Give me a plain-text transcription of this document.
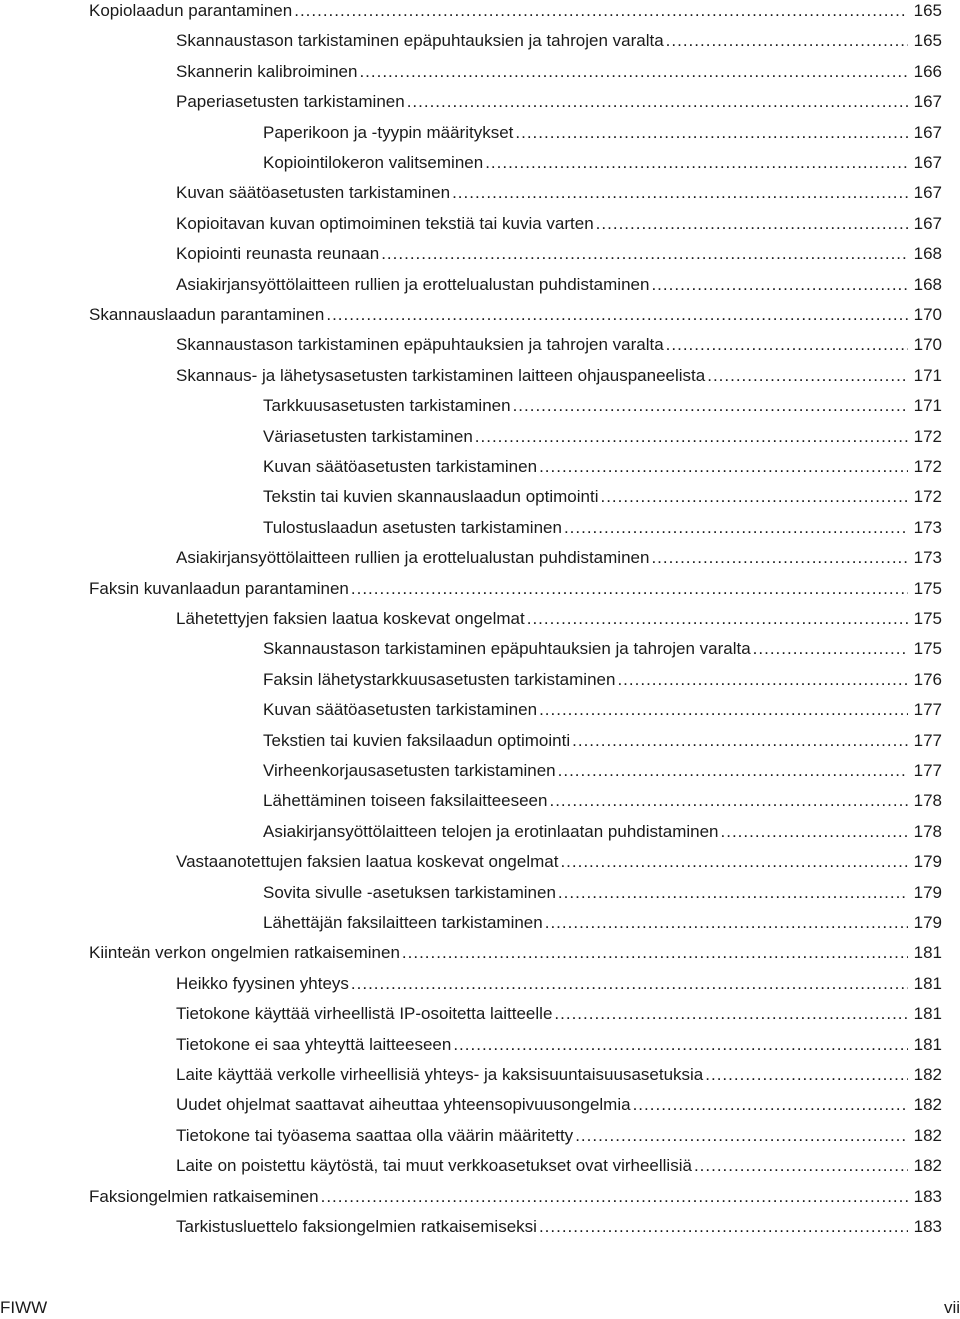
Kopiolaadun parantaminen .....	165
Skannaustason tarkistaminen epäpuhtauksien ja tahrojen varalta .....	165
Skannerin kalibroiminen .....	166
Paperiasetusten tarkistaminen .....	167
Paperikoon ja -tyypin määritykset .....	167
Kopiointilokeron valitseminen .....	167
Kuvan säätöasetusten tarkistaminen .....	167
Kopioitavan kuvan optimoiminen tekstiä tai kuvia varten .....	167
Kopiointi reunasta reunaan .....	168
Asiakirjansyöttölaitteen rullien ja erottelualustan puhdistaminen .....	168
Skannauslaadun parantaminen .....	170
Skannaustason tarkistaminen epäpuhtauksien ja tahrojen varalta .....	170
Skannaus- ja lähetysasetusten tarkistaminen laitteen ohjauspaneelista .....	171
Tarkkuusasetusten tarkistaminen .....	171
Väriasetusten tarkistaminen .....	172
Kuvan säätöasetusten tarkistaminen .....	172
Tekstin tai kuvien skannauslaadun optimointi .....	172
Tulostuslaadun asetusten tarkistaminen .....	173
Asiakirjansyöttölaitteen rullien ja erottelualustan puhdistaminen .....	173
Faksin kuvanlaadun parantaminen .....	175
Lähetettyjen faksien laatua koskevat ongelmat .....	175
Skannaustason tarkistaminen epäpuhtauksien ja tahrojen varalta .....	175
Faksin lähetystarkkuusasetusten tarkistaminen .....	176
Kuvan säätöasetusten tarkistaminen .....	177
Tekstien tai kuvien faksilaadun optimointi .....	177
Virheenkorjausasetusten tarkistaminen .....	177
Lähettäminen toiseen faksilaitteeseen .....	178
Asiakirjansyöttölaitteen telojen ja erotinlaatan puhdistaminen .....	178
Vastaanotettujen faksien laatua koskevat ongelmat .....	179
Sovita sivulle -asetuksen tarkistaminen .....	179
Lähettäjän faksilaitteen tarkistaminen .....	179
Kiinteän verkon ongelmien ratkaiseminen .....	181
Heikko fyysinen yhteys .....	181
Tietokone käyttää virheellistä IP-osoitetta laitteelle .....	181
Tietokone ei saa yhteyttä laitteeseen .....	181
Laite käyttää verkolle virheellisiä yhteys- ja kaksisuuntaisuusasetuksia .....	182
Uudet ohjelmat saattavat aiheuttaa yhteensopivuusongelmia .....	182
Tietokone tai työasema saattaa olla väärin määritetty .....	182
Laite on poistettu käytöstä, tai muut verkkoasetukset ovat virheellisiä .....	182
Faksiongelmien ratkaiseminen .....	183
Tarkistusluettelo faksiongelmien ratkaisemiseksi .....	183
FIWW	vii
